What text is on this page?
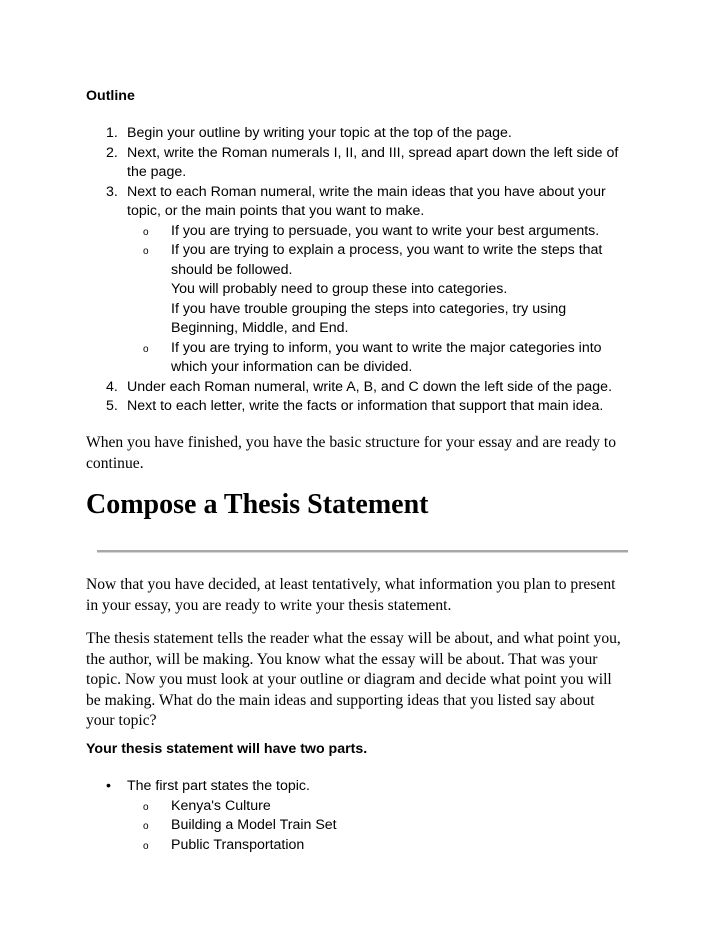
Outline

1. Begin your outline by writing your topic at the top of the page.
2. Next, write the Roman numerals I, II, and III, spread apart down the left side of
the page.
3. Next to each Roman numeral, write the main ideas that you have about your
topic, or the main points that you want to make.
o If you are trying to persuade, you want to write your best arguments.
o If you are trying to explain a process, you want to write the steps that
should be followed.
You will probably need to group these into categories.
If you have trouble grouping the steps into categories, try using
Beginning, Middle, and End.
o If you are trying to inform, you want to write the major categories into
which your information can be divided.
4. Under each Roman numeral, write A, B, and C down the left side of the page.
5. Next to each letter, write the facts or information that support that main idea.

When you have finished, you have the basic structure for your essay and are ready to
continue.

Compose a Thesis Statement

Now that you have decided, at least tentatively, what information you plan to present
in your essay, you are ready to write your thesis statement.

The thesis statement tells the reader what the essay will be about, and what point you,
the author, will be making. You know what the essay will be about. That was your
topic. Now you must look at your outline or diagram and decide what point you will
be making. What do the main ideas and supporting ideas that you listed say about
your topic?

Your thesis statement will have two parts.

• The first part states the topic.
o Kenya's Culture
o Building a Model Train Set
o Public Transportation
